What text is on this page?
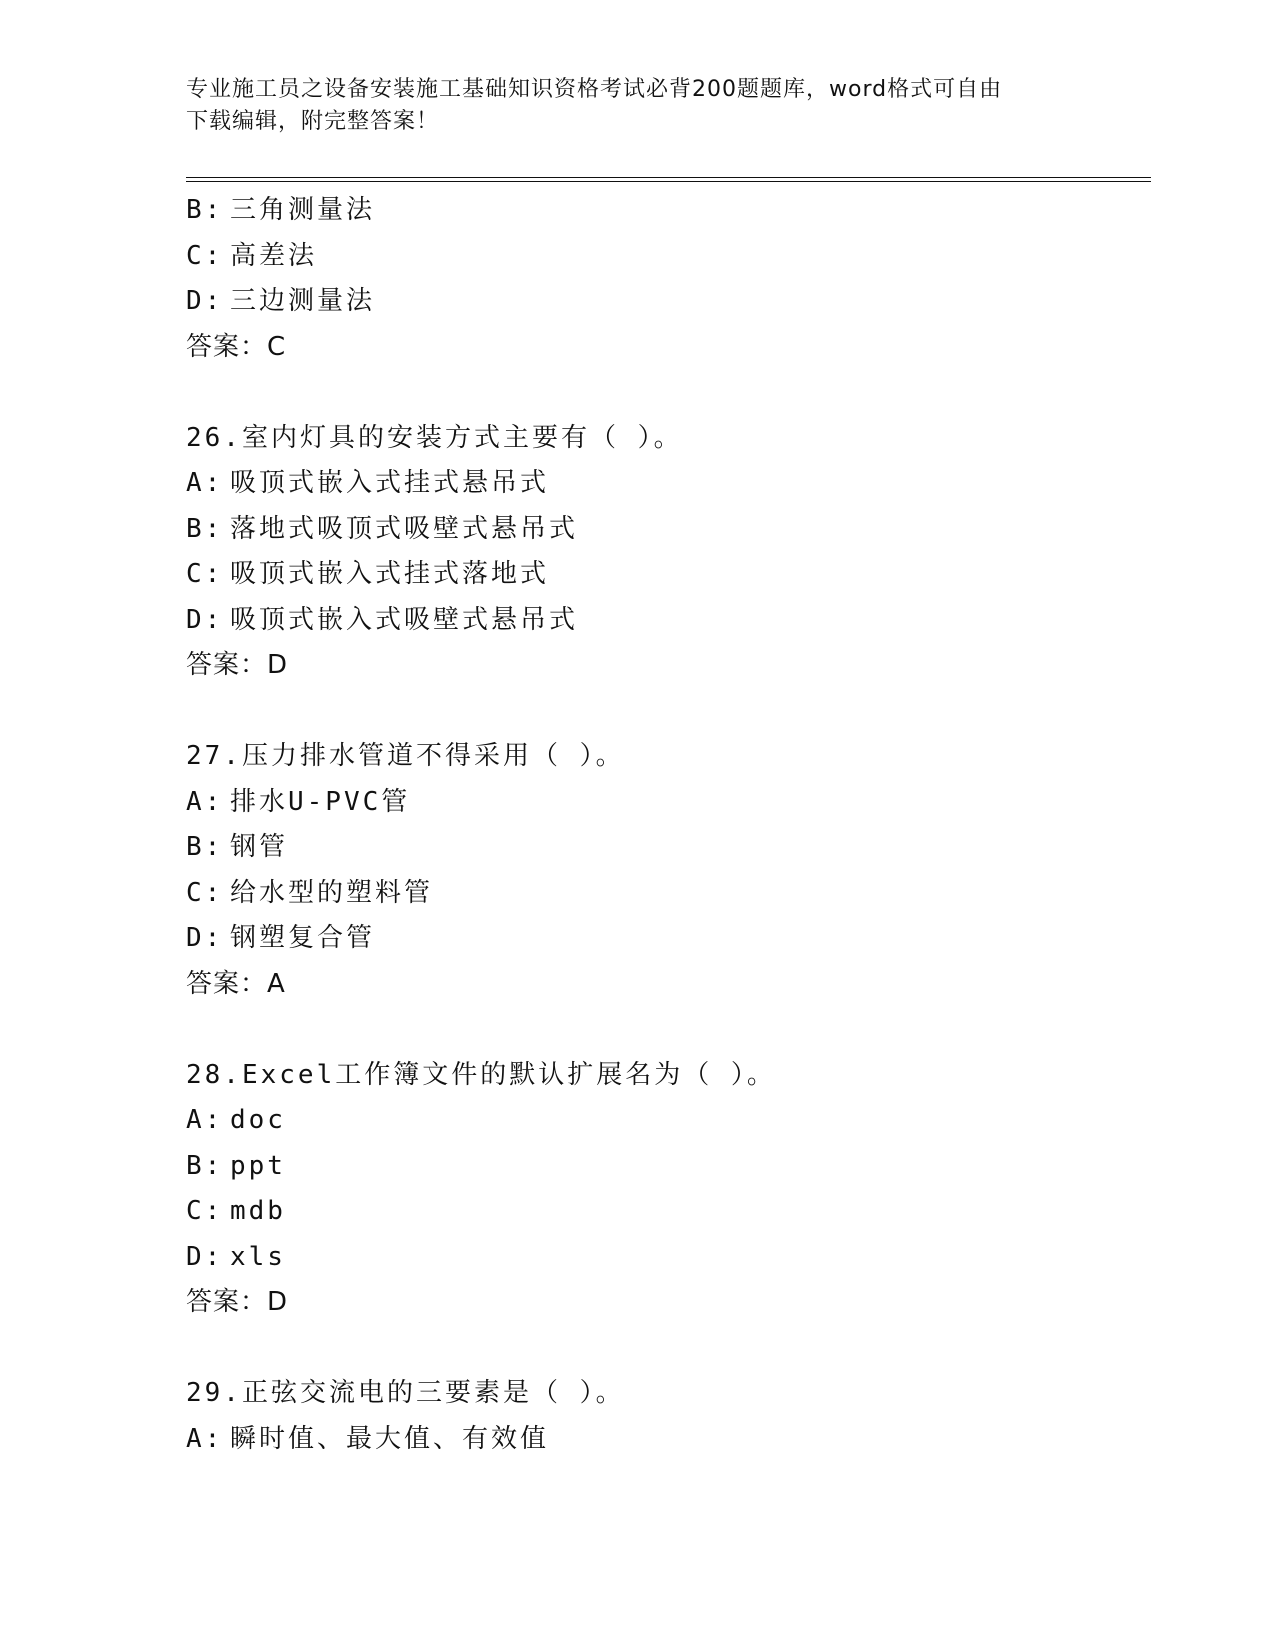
专业施工员之设备安装施工基础知识资格考试必背200题题库，word格式可自由
下载编辑，附完整答案！
B: 三角测量法
C: 高差法
D: 三边测量法
答案：C
26.室内灯具的安装方式主要有（ ）。
A: 吸顶式嵌入式挂式悬吊式
B: 落地式吸顶式吸壁式悬吊式
C: 吸顶式嵌入式挂式落地式
D: 吸顶式嵌入式吸壁式悬吊式
答案：D
27.压力排水管道不得采用（ ）。
A: 排水U-PVC管
B: 钢管
C: 给水型的塑料管
D: 钢塑复合管
答案：A
28.Excel工作簿文件的默认扩展名为（ ）。
A: doc
B: ppt
C: mdb
D: xls
答案：D
29.正弦交流电的三要素是（ ）。
A: 瞬时值、最大值、有效值
